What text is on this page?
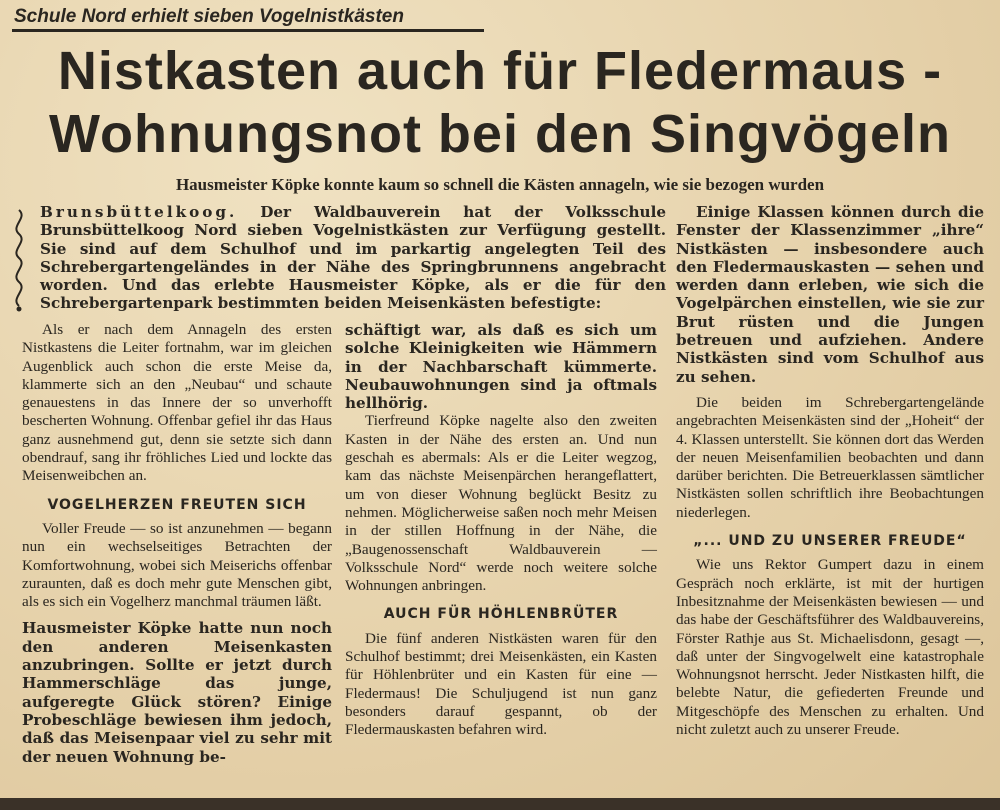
Schule Nord erhielt sieben Vogelnistkästen
Nistkasten auch für Fledermaus -
Wohnungsnot bei den Singvögeln
Hausmeister Köpke konnte kaum so schnell die Kästen annageln, wie sie bezogen wurden

Brunsbüttelkoog. Der Waldbauverein hat der Volksschule Brunsbüttelkoog Nord sieben Vogelnistkästen zur Verfügung gestellt. Sie sind auf dem Schulhof und im parkartig angelegten Teil des Schrebergartengeländes in der Nähe des Springbrunnens angebracht worden. Und das erlebte Hausmeister Köpke, als er die für den Schrebergartenpark bestimmten beiden Meisenkästen befestigte:

Als er nach dem Annageln des ersten Nistkastens die Leiter fortnahm, war im gleichen Augenblick auch schon die erste Meise da, klammerte sich an den „Neubau“ und schaute genauestens in das Innere der so unverhofft bescherten Wohnung. Offenbar gefiel ihr das Haus ganz ausnehmend gut, denn sie setzte sich dann obendrauf, sang ihr fröhliches Lied und lockte das Meisenweibchen an.

VOGELHERZEN FREUTEN SICH

Voller Freude — so ist anzunehmen — begann nun ein wechselseitiges Betrachten der Komfortwohnung, wobei sich Meiserichs offenbar zuraunten, daß es doch mehr gute Menschen gibt, als es sich ein Vogelherz manchmal träumen läßt.

Hausmeister Köpke hatte nun noch den anderen Meisenkasten anzubringen. Sollte er jetzt durch Hammerschläge das junge, aufgeregte Glück stören? Einige Probeschläge bewiesen ihm jedoch, daß das Meisenpaar viel zu sehr mit der neuen Wohnung be-

schäftigt war, als daß es sich um solche Kleinigkeiten wie Hämmern in der Nachbarschaft kümmerte. Neubauwohnungen sind ja oftmals hellhörig.

Tierfreund Köpke nagelte also den zweiten Kasten in der Nähe des ersten an. Und nun geschah es abermals: Als er die Leiter wegzog, kam das nächste Meisenpärchen herangeflattert, um von dieser Wohnung beglückt Besitz zu nehmen. Möglicherweise saßen noch mehr Meisen in der stillen Hoffnung in der Nähe, die „Baugenossenschaft Waldbauverein — Volksschule Nord“ werde noch weitere solche Wohnungen anbringen.

AUCH FÜR HÖHLENBRÜTER

Die fünf anderen Nistkästen waren für den Schulhof bestimmt; drei Meisenkästen, ein Kasten für Höhlenbrüter und ein Kasten für eine — Fledermaus! Die Schuljugend ist nun ganz besonders darauf gespannt, ob der Fledermauskasten befahren wird.

Einige Klassen können durch die Fenster der Klassenzimmer „ihre“ Nistkästen — insbesondere auch den Fledermauskasten — sehen und werden dann erleben, wie sich die Vogelpärchen einstellen, wie sie zur Brut rüsten und die Jungen betreuen und aufziehen. Andere Nistkästen sind vom Schulhof aus zu sehen.

Die beiden im Schrebergartengelände angebrachten Meisenkästen sind der „Hoheit“ der 4. Klassen unterstellt. Sie können dort das Werden der neuen Meisenfamilien beobachten und dann darüber berichten. Die Betreuerklassen sämtlicher Nistkästen sollen schriftlich ihre Beobachtungen niederlegen.

„... UND ZU UNSERER FREUDE“

Wie uns Rektor Gumpert dazu in einem Gespräch noch erklärte, ist mit der hurtigen Inbesitznahme der Meisenkästen bewiesen — und das habe der Geschäftsführer des Waldbauvereins, Förster Rathje aus St. Michaelisdonn, gesagt —, daß unter der Singvogelwelt eine katastrophale Wohnungsnot herrscht. Jeder Nistkasten hilft, die belebte Natur, die gefiederten Freunde und Mitgeschöpfe des Menschen zu erhalten. Und nicht zuletzt auch zu unserer Freude.
